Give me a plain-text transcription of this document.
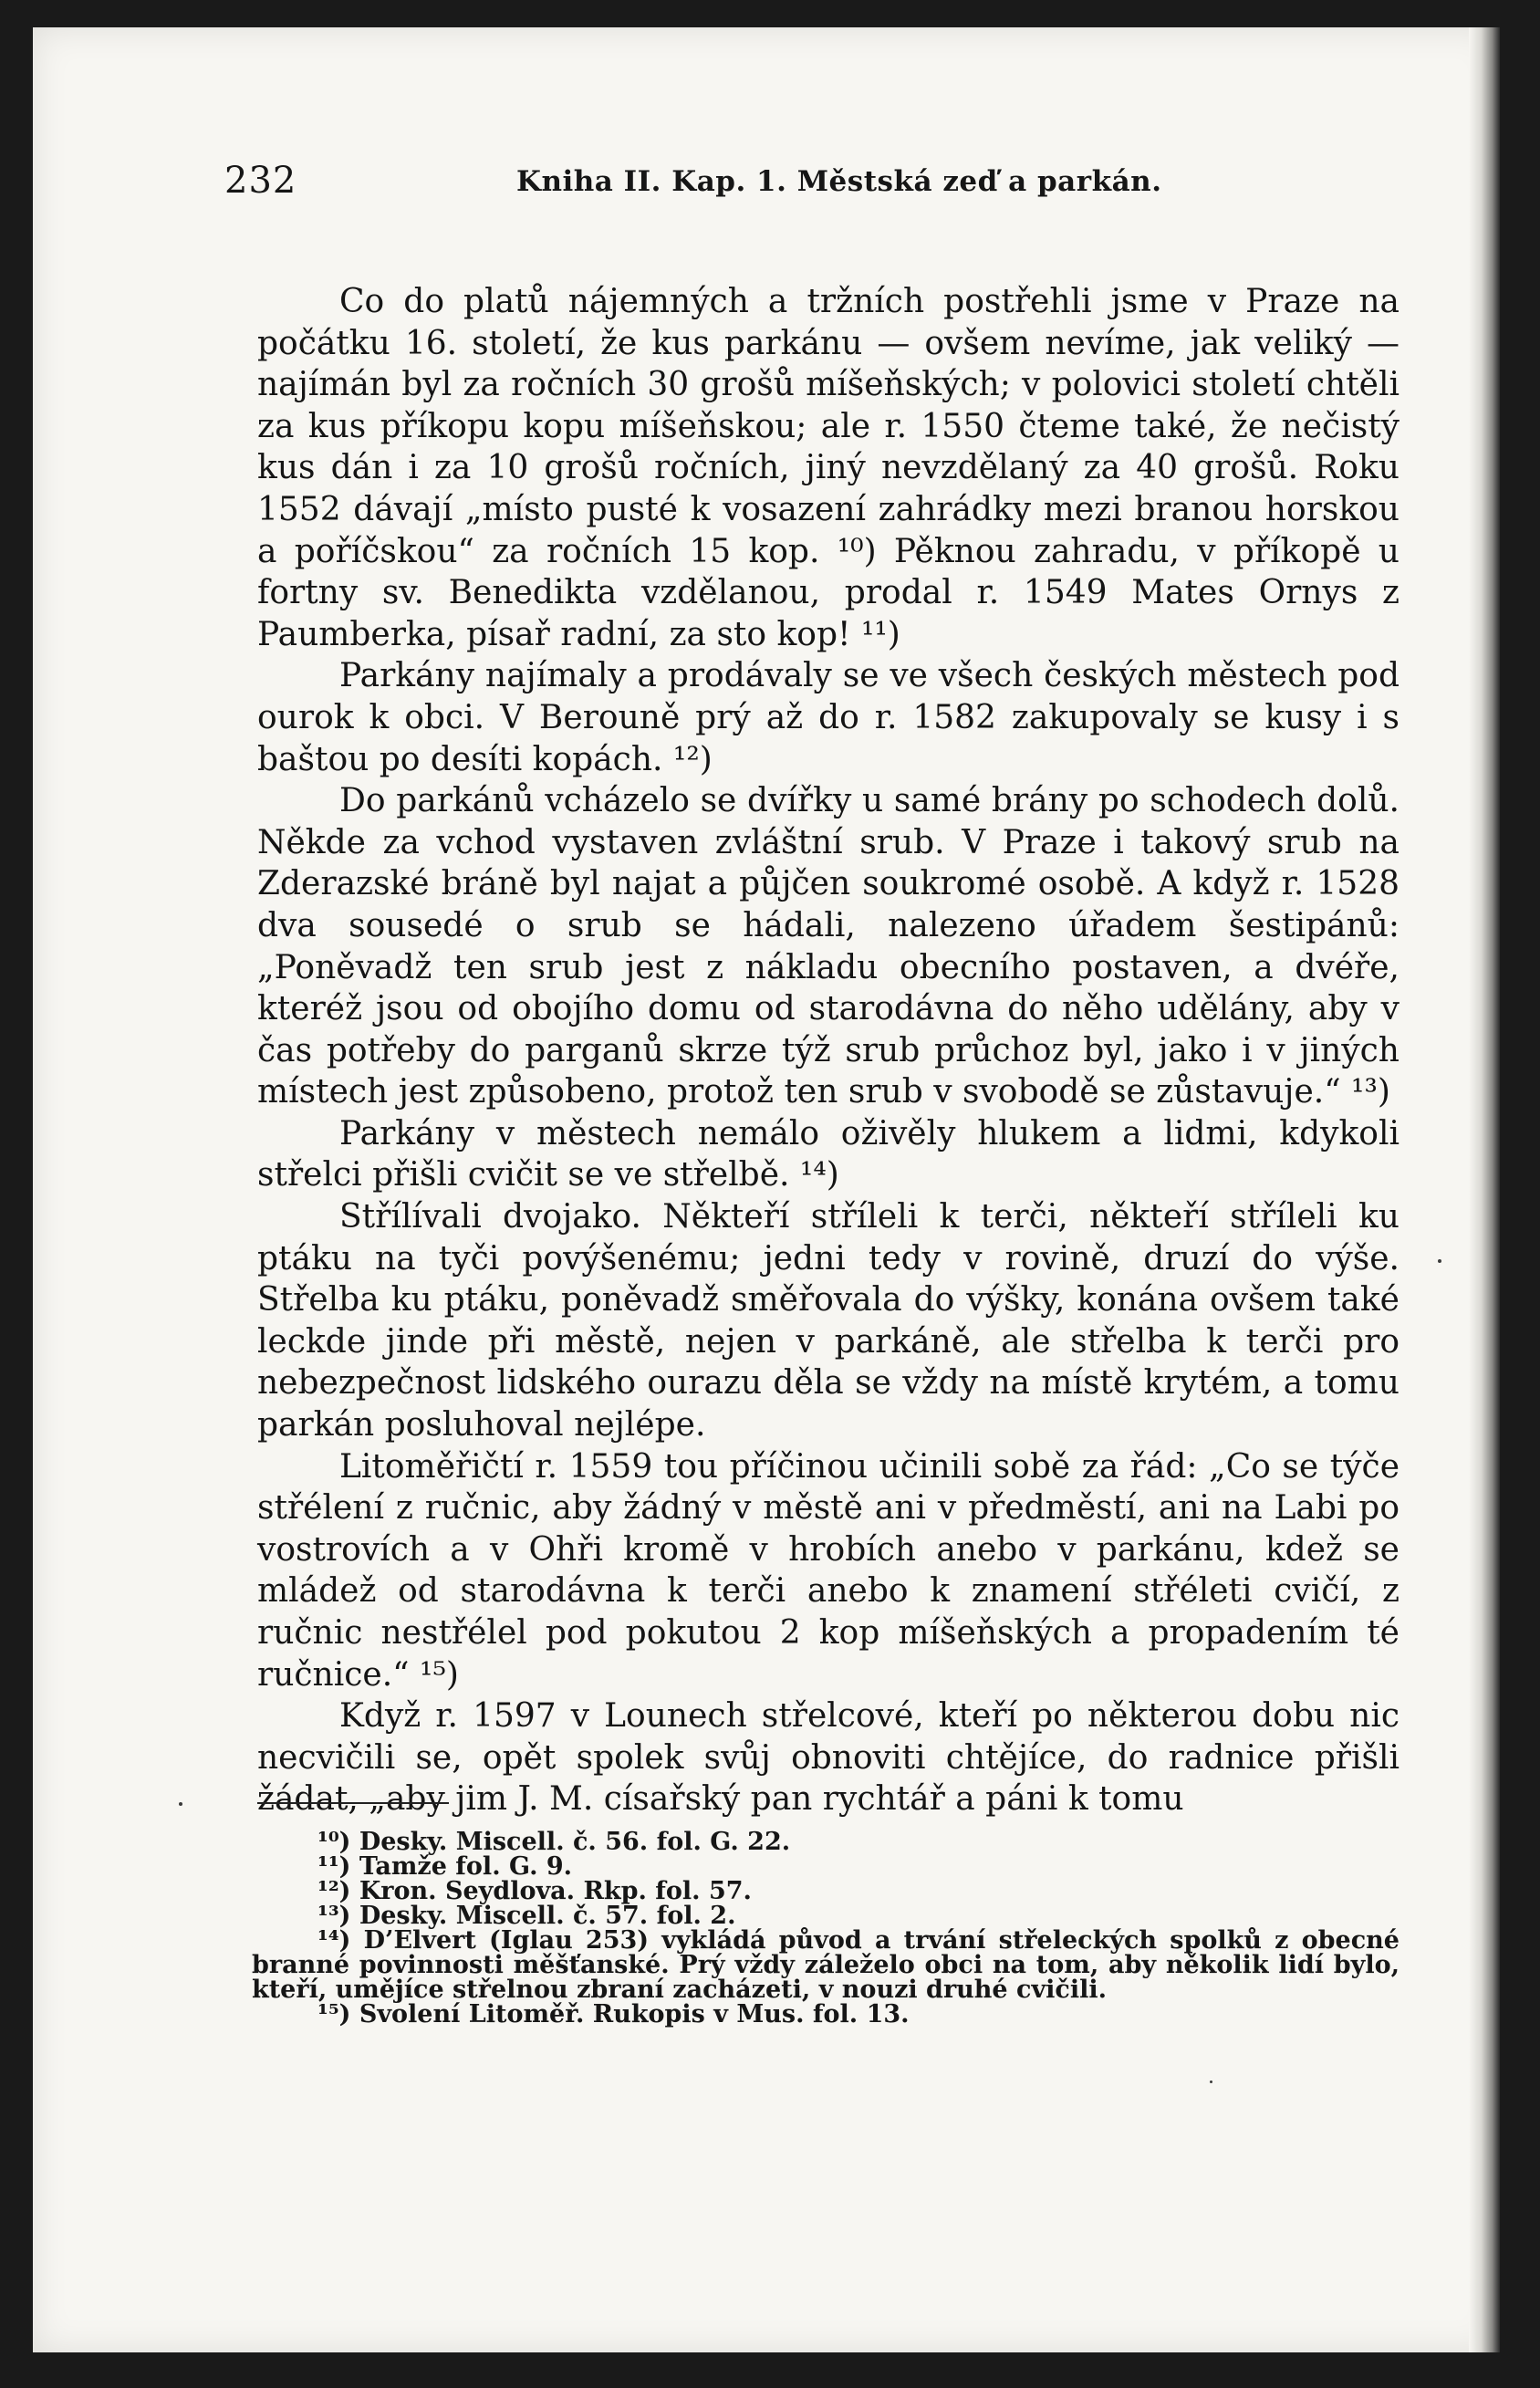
232	Kniha II. Kap. 1. Městská zeď a parkán.

Co do platů nájemných a tržních postřehli jsme v Praze na počátku 16. století, že kus parkánu — ovšem nevíme, jak veliký — najímán byl za ročních 30 grošů míšeňských; v polovici století chtěli za kus příkopu kopu míšeňskou; ale r. 1550 čteme také, že nečistý kus dán i za 10 grošů ročních, jiný nevzdělaný za 40 grošů. Roku 1552 dávají „místo pusté k vosazení zahrádky mezi branou horskou a poříčskou“ za ročních 15 kop. ¹⁰) Pěknou zahradu, v příkopě u fortny sv. Benedikta vzdělanou, prodal r. 1549 Mates Ornys z Paumberka, písař radní, za sto kop! ¹¹)

Parkány najímaly a prodávaly se ve všech českých městech pod ourok k obci. V Berouně prý až do r. 1582 zakupovaly se kusy i s baštou po desíti kopách. ¹²)

Do parkánů vcházelo se dvířky u samé brány po schodech dolů. Někde za vchod vystaven zvláštní srub. V Praze i takový srub na Zderazské bráně byl najat a půjčen soukromé osobě. A když r. 1528 dva sousedé o srub se hádali, nalezeno úřadem šestipánů: „Poněvadž ten srub jest z nákladu obecního postaven, a dvéře, kteréž jsou od obojího domu od starodávna do něho udělány, aby v čas potřeby do parganů skrze týž srub průchoz byl, jako i v jiných místech jest způsobeno, protož ten srub v svobodě se zůstavuje.“ ¹³)

Parkány v městech nemálo oživěly hlukem a lidmi, kdykoli střelci přišli cvičit se ve střelbě. ¹⁴)

Střílívali dvojako. Někteří stříleli k terči, někteří stříleli ku ptáku na tyči povýšenému; jedni tedy v rovině, druzí do výše. Střelba ku ptáku, poněvadž směřovala do výšky, konána ovšem také leckde jinde při městě, nejen v parkáně, ale střelba k terči pro nebezpečnost lidského ourazu děla se vždy na místě krytém, a tomu parkán posluhoval nejlépe.

Litoměřičtí r. 1559 tou příčinou učinili sobě za řád: „Co se týče střélení z ručnic, aby žádný v městě ani v předměstí, ani na Labi po vostrovích a v Ohři kromě v hrobích anebo v parkánu, kdež se mládež od starodávna k terči anebo k znamení střéleti cvičí, z ručnic nestřélel pod pokutou 2 kop míšeňských a propadením té ručnice.“ ¹⁵)

Když r. 1597 v Lounech střelcové, kteří po některou dobu nic necvičili se, opět spolek svůj obnoviti chtějíce, do radnice přišli žádat, „aby jim J. M. císařský pan rychtář a páni k tomu

¹⁰) Desky. Miscell. č. 56. fol. G. 22.

¹¹) Tamže fol. G. 9.

¹²) Kron. Seydlova. Rkp. fol. 57.

¹³) Desky. Miscell. č. 57. fol. 2.

¹⁴) D’Elvert (Iglau 253) vykládá původ a trvání střeleckých spolků z obecné branné povinnosti měšťanské. Prý vždy záleželo obci na tom, aby několik lidí bylo, kteří, umějíce střelnou zbraní zacházeti, v nouzi druhé cvičili.

¹⁵) Svolení Litoměř. Rukopis v Mus. fol. 13.
